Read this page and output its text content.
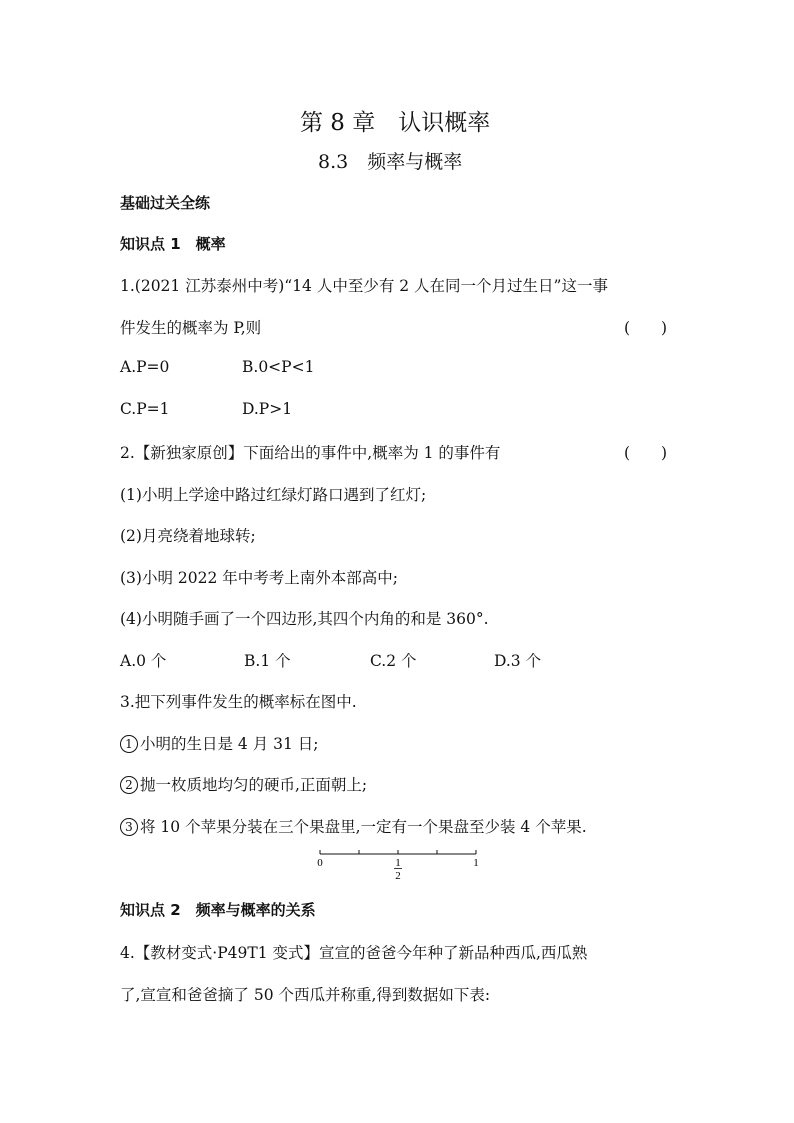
第 8 章　认识概率
8.3　频率与概率
基础过关全练
知识点 1　概率
1.(2021 江苏泰州中考)“14 人中至少有 2 人在同一个月过生日”这一事
件发生的概率为 P,则	(　　)
A.P=0	B.0<P<1
C.P=1	D.P>1
2.【新独家原创】下面给出的事件中,概率为 1 的事件有	(　　)
(1)小明上学途中路过红绿灯路口遇到了红灯;
(2)月亮绕着地球转;
(3)小明 2022 年中考考上南外本部高中;
(4)小明随手画了一个四边形,其四个内角的和是 360°.
A.0 个	B.1 个	C.2 个	D.3 个
3.把下列事件发生的概率标在图中.
1 小明的生日是 4 月 31 日;
2 抛一枚质地均匀的硬币,正面朝上;
3 将 10 个苹果分装在三个果盘里,一定有一个果盘至少装 4 个苹果.
0	1
2
1
知识点 2　频率与概率的关系
4.【教材变式·P49T1 变式】宣宣的爸爸今年种了新品种西瓜,西瓜熟
了,宣宣和爸爸摘了 50 个西瓜并称重,得到数据如下表:
